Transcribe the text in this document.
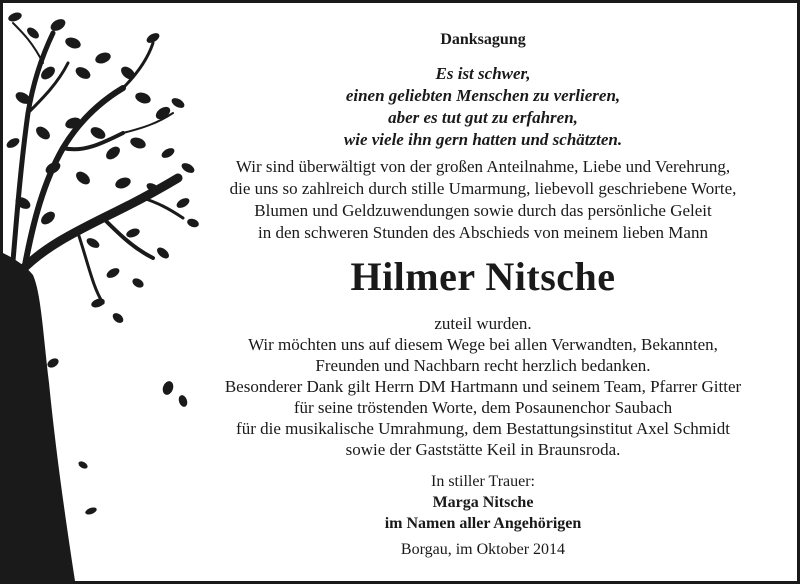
Danksagung
Es ist schwer,
einen geliebten Menschen zu verlieren,
aber es tut gut zu erfahren,
wie viele ihn gern hatten und schätzten.
Wir sind überwältigt von der großen Anteilnahme, Liebe und Verehrung,
die uns so zahlreich durch stille Umarmung, liebevoll geschriebene Worte,
Blumen und Geldzuwendungen sowie durch das persönliche Geleit
in den schweren Stunden des Abschieds von meinem lieben Mann
Hilmer Nitsche
zuteil wurden.
Wir möchten uns auf diesem Wege bei allen Verwandten, Bekannten,
Freunden und Nachbarn recht herzlich bedanken.
Besonderer Dank gilt Herrn DM Hartmann und seinem Team, Pfarrer Gitter
für seine tröstenden Worte, dem Posaunenchor Saubach
für die musikalische Umrahmung, dem Bestattungsinstitut Axel Schmidt
sowie der Gaststätte Keil in Braunsroda.
In stiller Trauer:
Marga Nitsche
im Namen aller Angehörigen
Borgau, im Oktober 2014
